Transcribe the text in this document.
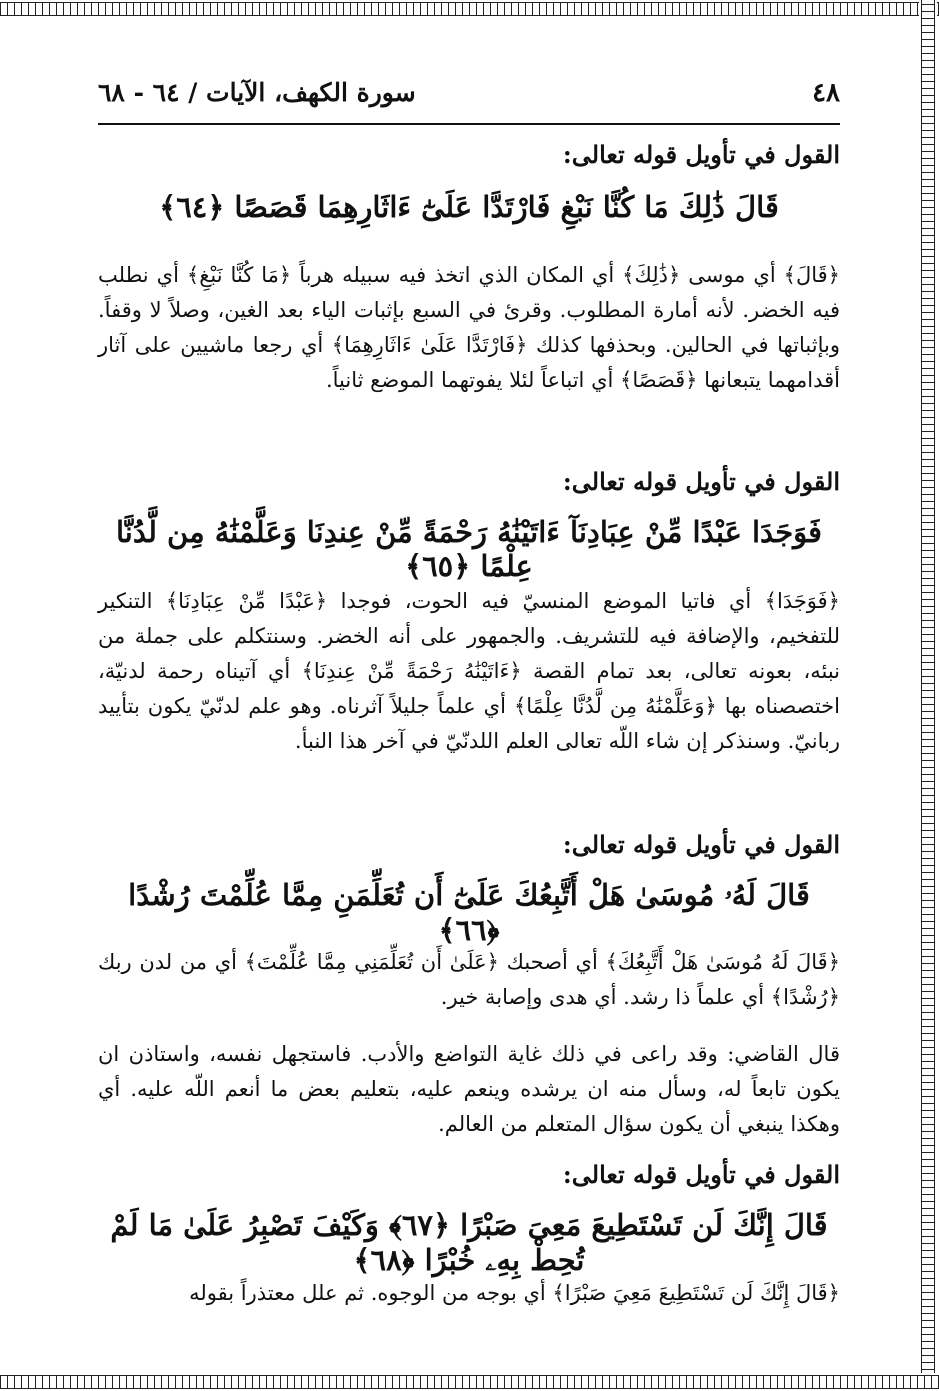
٤٨
سورة الكهف، الآيات / ٦٤ - ٦٨
القول في تأويل قوله تعالى:
قَالَ ذَٰلِكَ مَا كُنَّا نَبْغِ فَارْتَدَّا عَلَىٰٓ ءَاثَارِهِمَا قَصَصًا ﴿٦٤﴾
﴿قَالَ﴾ أي موسى ﴿ذَٰلِكَ﴾ أي المكان الذي اتخذ فيه سبيله هرباً ﴿مَا كُنَّا نَبْغِ﴾ أي نطلب فيه الخضر. لأنه أمارة المطلوب. وقرئ في السبع بإثبات الياء بعد الغين، وصلاً لا وقفاً. وبإثباتها في الحالين. وبحذفها كذلك ﴿فَارْتَدَّا عَلَىٰ ءَاثَارِهِمَا﴾ أي رجعا ماشيين على آثار أقدامهما يتبعانها ﴿قَصَصًا﴾ أي اتباعاً لئلا يفوتهما الموضع ثانياً.
القول في تأويل قوله تعالى:
فَوَجَدَا عَبْدًا مِّنْ عِبَادِنَآ ءَاتَيْنَٰهُ رَحْمَةً مِّنْ عِندِنَا وَعَلَّمْنَٰهُ مِن لَّدُنَّا عِلْمًا ﴿٦٥﴾
﴿فَوَجَدَا﴾ أي فاتيا الموضع المنسيّ فيه الحوت، فوجدا ﴿عَبْدًا مِّنْ عِبَادِنَا﴾ التنكير للتفخيم، والإضافة فيه للتشريف. والجمهور على أنه الخضر. وسنتكلم على جملة من نبئه، بعونه تعالى، بعد تمام القصة ﴿ءَاتَيْنَٰهُ رَحْمَةً مِّنْ عِندِنَا﴾ أي آتيناه رحمة لدنيّة، اختصصناه بها ﴿وَعَلَّمْنَٰهُ مِن لَّدُنَّا عِلْمًا﴾ أي علماً جليلاً آثرناه. وهو علم لدنّيّ يكون بتأييد ربانيّ. وسنذكر إن شاء اللّه تعالى العلم اللدنّيّ في آخر هذا النبأ.
القول في تأويل قوله تعالى:
قَالَ لَهُۥ مُوسَىٰ هَلْ أَتَّبِعُكَ عَلَىٰٓ أَن تُعَلِّمَنِ مِمَّا عُلِّمْتَ رُشْدًا ﴿٦٦﴾
﴿قَالَ لَهُ مُوسَىٰ هَلْ أَتَّبِعُكَ﴾ أي أصحبك ﴿عَلَىٰ أَن تُعَلِّمَنِي مِمَّا عُلِّمْتَ﴾ أي من لدن ربك ﴿رُشْدًا﴾ أي علماً ذا رشد. أي هدى وإصابة خير.
قال القاضي: وقد راعى في ذلك غاية التواضع والأدب. فاستجهل نفسه، واستاذن ان يكون تابعاً له، وسأل منه ان يرشده وينعم عليه، بتعليم بعض ما أنعم اللّه عليه. أي وهكذا ينبغي أن يكون سؤال المتعلم من العالم.
القول في تأويل قوله تعالى:
قَالَ إِنَّكَ لَن تَسْتَطِيعَ مَعِىَ صَبْرًا ﴿٦٧﴾ وَكَيْفَ تَصْبِرُ عَلَىٰ مَا لَمْ تُحِطْ بِهِۦ خُبْرًا ﴿٦٨﴾
﴿قَالَ إِنَّكَ لَن تَسْتَطِيعَ مَعِيَ صَبْرًا﴾ أي بوجه من الوجوه. ثم علل معتذراً بقوله
